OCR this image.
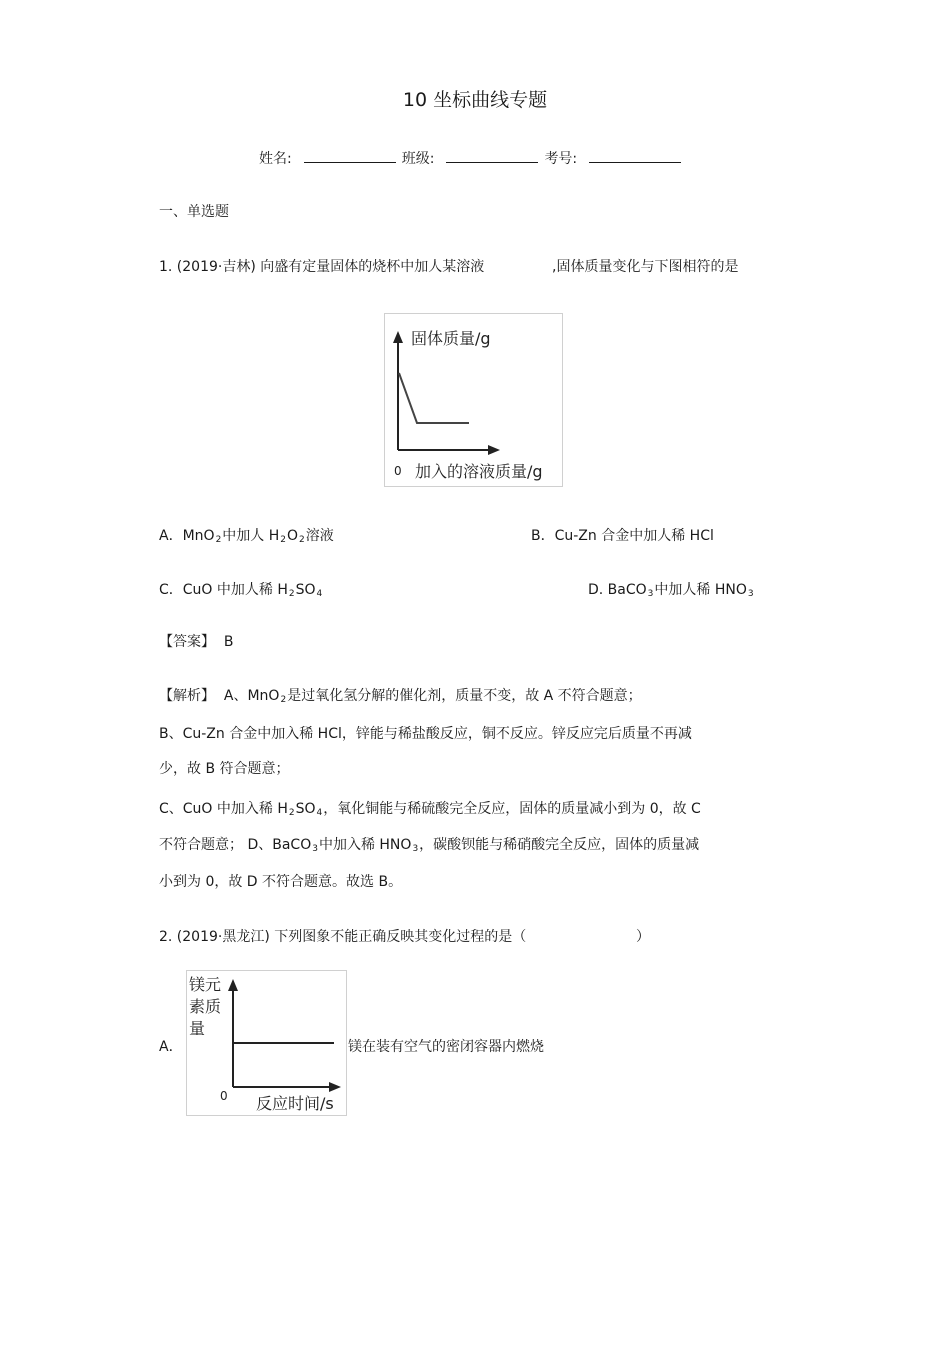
10 坐标曲线专题
姓名:	班级:	考号:
一、单选题
1. (2019·吉林) 向盛有定量固体的烧杯中加人某溶液	,固体质量变化与下图相符的是
固体质量/g
0 加入的溶液质量/g
A．MnO$_2$中加人 $H_2O_2$溶液	B．Cu-Zn 合金中加人稀 HCl
C．CuO 中加人稀 $H_2SO_4$	D. BaCO$_3$中加人稀 $HNO_3$
【答案】 B
【解析】 A、MnO$_2$是过氧化氢分解的催化剂，质量不变，故 A 不符合题意；
B、Cu-Zn 合金中加入稀 HCl，锌能与稀盐酸反应，铜不反应。锌反应完后质量不再减
少，故 B 符合题意；
C、CuO 中加入稀 $H_2SO_4$，氧化铜能与稀硫酸完全反应，固体的质量减小到为 0，故 C
不符合题意； D、BaCO$_3$中加入稀 $HNO_3$，碳酸钡能与稀硝酸完全反应，固体的质量减
小到为 0，故 D 不符合题意。故选 B。
2. (2019·黑龙江) 下列图象不能正确反映其变化过程的是（	）
A．
镁元
素质
量
0 反应时间/s
镁在装有空气的密闭容器内燃烧
